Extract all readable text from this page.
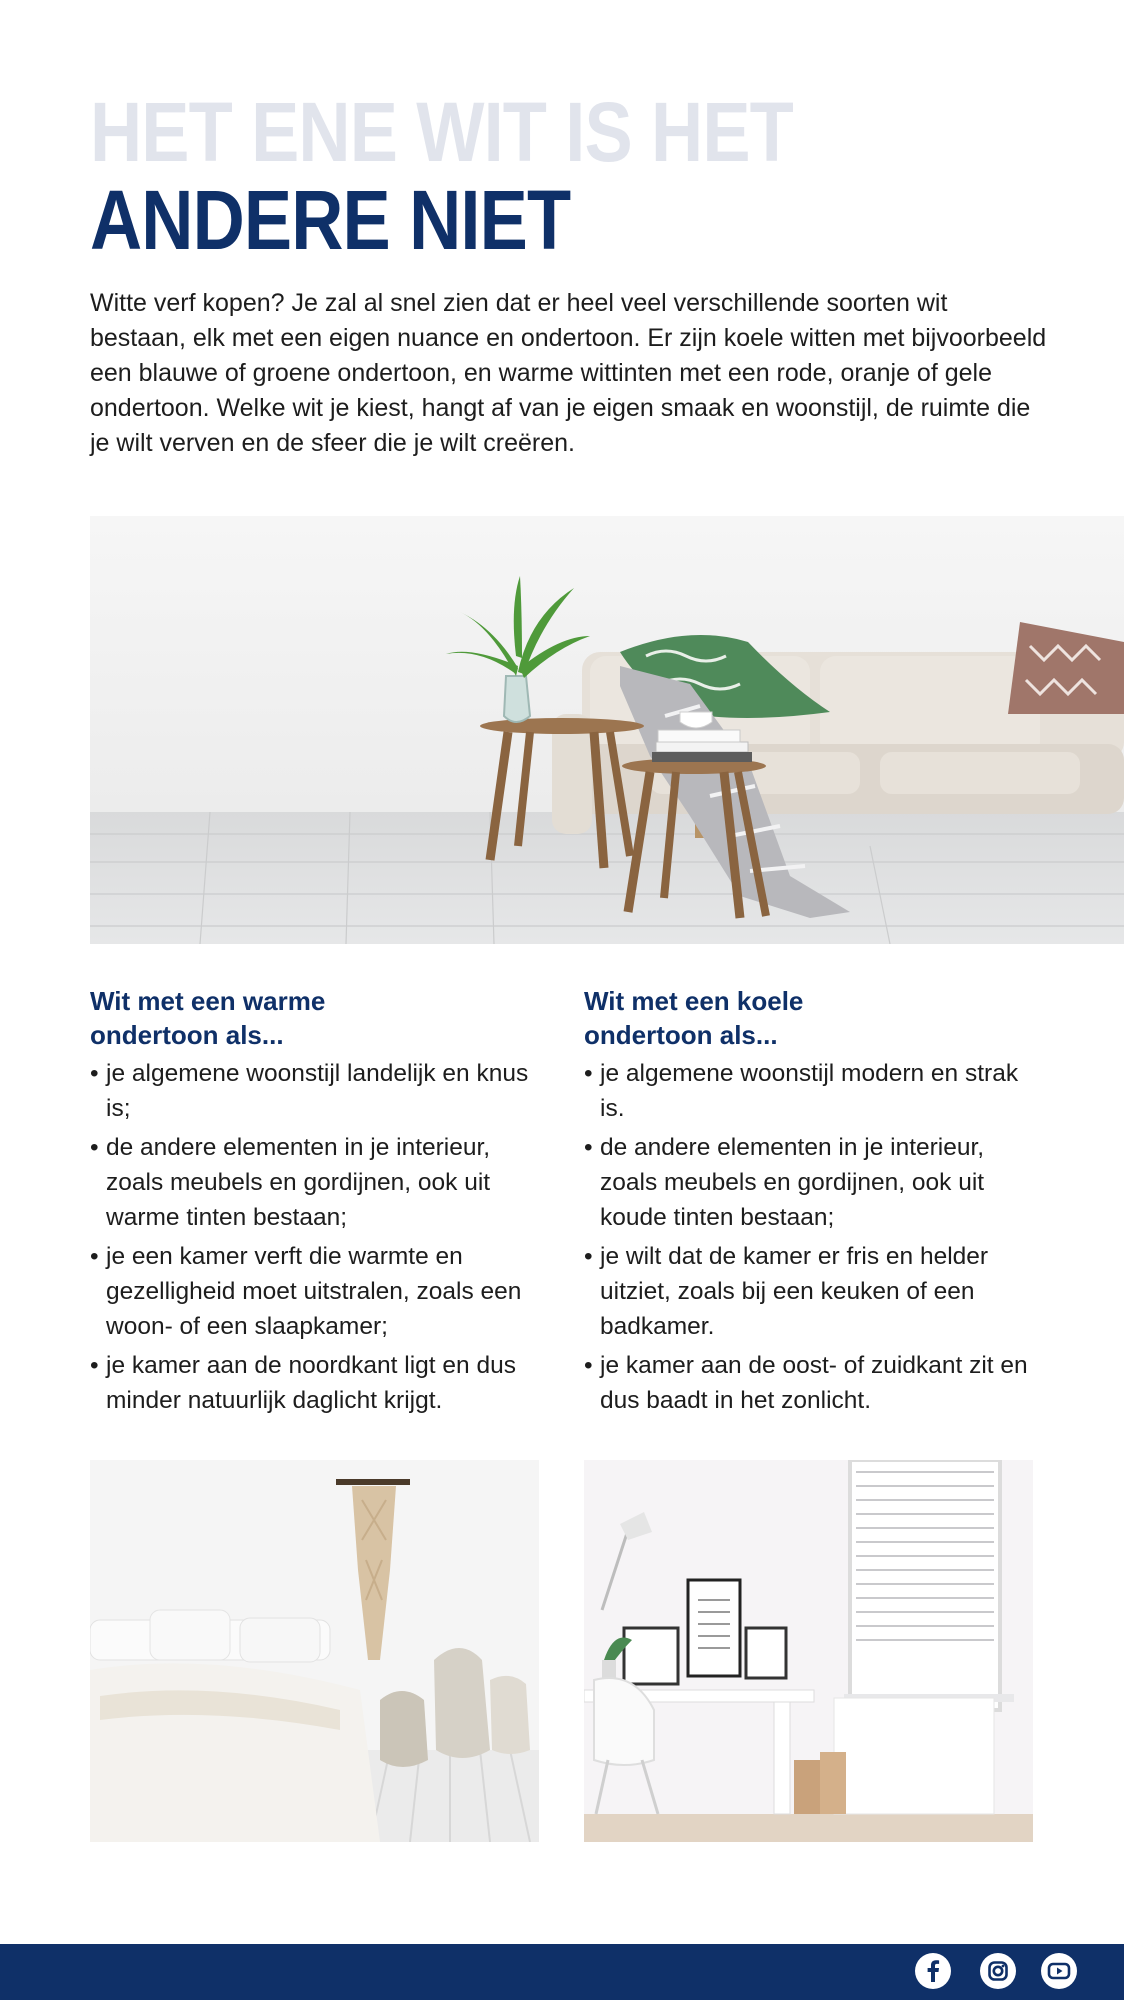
HET ENE WIT IS HET
ANDERE NIET

Witte verf kopen? Je zal al snel zien dat er heel veel verschillende soorten wit bestaan, elk met een eigen nuance en ondertoon. Er zijn koele witten met bijvoorbeeld een blauwe of groene ondertoon, en warme wittinten met een rode, oranje of gele ondertoon. Welke wit je kiest, hangt af van je eigen smaak en woonstijl, de ruimte die je wilt verven en de sfeer die je wilt creëren.

Wit met een warme
ondertoon als...
• je algemene woonstijl landelijk en knus is;
• de andere elementen in je interieur, zoals meubels en gordijnen, ook uit warme tinten bestaan;
• je een kamer verft die warmte en gezelligheid moet uitstralen, zoals een woon- of een slaapkamer;
• je kamer aan de noordkant ligt en dus minder natuurlijk daglicht krijgt.
Wit met een koele
ondertoon als...
• je algemene woonstijl modern en strak is.
• de andere elementen in je interieur, zoals meubels en gordijnen, ook uit koude tinten bestaan;
• je wilt dat de kamer er fris en helder uitziet, zoals bij een keuken of een badkamer.
• je kamer aan de oost- of zuidkant zit en dus baadt in het zonlicht.
